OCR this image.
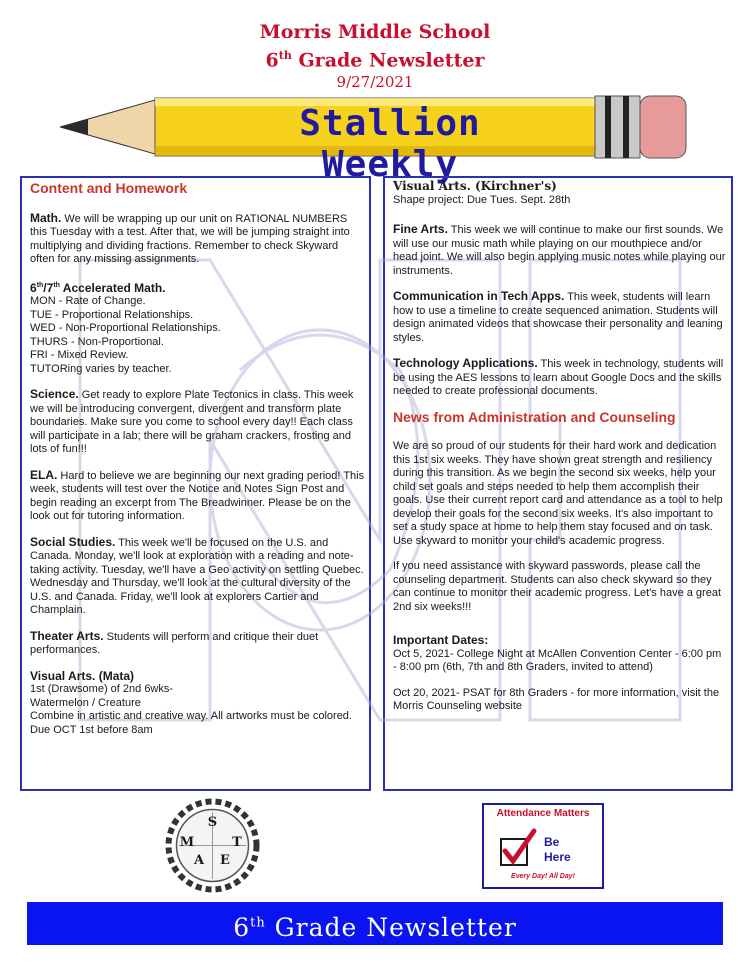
Morris Middle School
6th Grade Newsletter
9/27/2021
Stallion Weekly
Content and Homework
Math. We will be wrapping up our unit on RATIONAL NUMBERS this Tuesday with a test. After that, we will be jumping straight into multiplying and dividing fractions. Remember to check Skyward often for any missing assignments.
6th/7th Accelerated Math.
MON - Rate of Change.
TUE - Proportional Relationships.
WED - Non-Proportional Relationships.
THURS - Non-Proportional.
FRI - Mixed Review.
TUTORing varies by teacher.
Science. Get ready to explore Plate Tectonics in class. This week we will be introducing convergent, divergent and transform plate boundaries. Make sure you come to school every day!! Each class will participate in a lab; there will be graham crackers, frosting and lots of fun!!!
ELA. Hard to believe we are beginning our next grading period! This week, students will test over the Notice and Notes Sign Post and begin reading an excerpt from The Breadwinner. Please be on the look out for tutoring information.
Social Studies. This week we'll be focused on the U.S. and Canada. Monday, we'll look at exploration with a reading and note-taking activity. Tuesday, we'll have a Geo activity on settling Quebec. Wednesday and Thursday, we'll look at the cultural diversity of the U.S. and Canada. Friday, we'll look at explorers Cartier and Champlain.
Theater Arts. Students will perform and critique their duet performances.
Visual Arts. (Mata)
1st (Drawsome) of 2nd 6wks-
Watermelon / Creature
Combine in artistic and creative way. All artworks must be colored.
Due OCT 1st before 8am
Visual Arts. (Kirchner's)
Shape project: Due Tues. Sept. 28th
Fine Arts. This week we will continue to make our first sounds. We will use our music math while playing on our mouthpiece and/or head joint. We will also begin applying music notes while playing our instruments.
Communication in Tech Apps. This week, students will learn how to use a timeline to create sequenced animation. Students will design animated videos that showcase their personality and leaning styles.
Technology Applications. This week in technology, students will be using the AES lessons to learn about Google Docs and the skills needed to create professional documents.
News from Administration and Counseling
We are so proud of our students for their hard work and dedication this 1st six weeks. They have shown great strength and resiliency during this transition. As we begin the second six weeks, help your child set goals and steps needed to help them accomplish their goals. Use their current report card and attendance as a tool to help develop their goals for the second six weeks. It's also important to set a study space at home to help them stay focused and on task. Use skyward to monitor your child's academic progress.
If you need assistance with skyward passwords, please call the counseling department. Students can also check skyward so they can continue to monitor their academic progress. Let's have a great 2nd six weeks!!!
Important Dates:
Oct 5, 2021- College Night at McAllen Convention Center - 6:00 pm - 8:00 pm (6th, 7th and 8th Graders, invited to attend)
Oct 20, 2021- PSAT for 8th Graders - for more information, visit the Morris Counseling website
S
M	T
A E
Attendance Matters
Be
Here
Every Day! All Day!
6th Grade Newsletter
